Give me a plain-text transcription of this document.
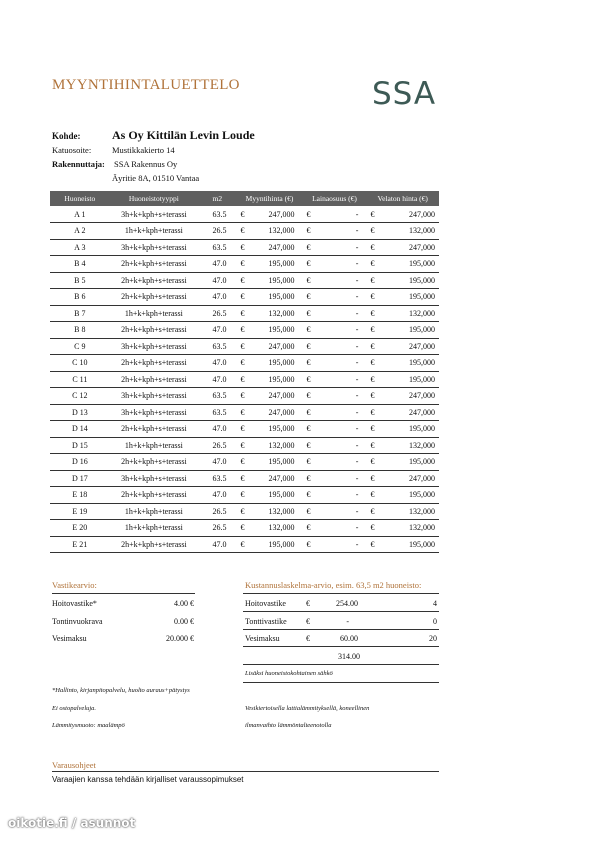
MYYNTIHINTALUETTELO	SSA
Kohde:	As Oy Kittilän Levin Loude
Katuosoite: Mustikkakierto 14
Rakennuttaja: SSA Rakennus Oy
Äyritie 8A, 01510 Vantaa
Huoneisto	Huoneistotyyppi	m2	Myyntihinta (€)		Lainaosuus (€)		Velaton hinta (€)	
A 1	3h+k+kph+s+terassi	63.5	€	247,000	€	-	€	247,000
A 2	1h+k+kph+terassi	26.5	€	132,000	€	-	€	132,000
A 3	3h+k+kph+s+terassi	63.5	€	247,000	€	-	€	247,000
B 4	2h+k+kph+s+terassi	47.0	€	195,000	€	-	€	195,000
B 5	2h+k+kph+s+terassi	47.0	€	195,000	€	-	€	195,000
B 6	2h+k+kph+s+terassi	47.0	€	195,000	€	-	€	195,000
B 7	1h+k+kph+terassi	26.5	€	132,000	€	-	€	132,000
B 8	2h+k+kph+s+terassi	47.0	€	195,000	€	-	€	195,000
C 9	3h+k+kph+s+terassi	63.5	€	247,000	€	-	€	247,000
C 10	2h+k+kph+s+terassi	47.0	€	195,000	€	-	€	195,000
C 11	2h+k+kph+s+terassi	47.0	€	195,000	€	-	€	195,000
C 12	3h+k+kph+s+terassi	63.5	€	247,000	€	-	€	247,000
D 13	3h+k+kph+s+terassi	63.5	€	247,000	€	-	€	247,000
D 14	2h+k+kph+s+terassi	47.0	€	195,000	€	-	€	195,000
D 15	1h+k+kph+terassi	26.5	€	132,000	€	-	€	132,000
D 16	2h+k+kph+s+terassi	47.0	€	195,000	€	-	€	195,000
D 17	3h+k+kph+s+terassi	63.5	€	247,000	€	-	€	247,000
E 18	2h+k+kph+s+terassi	47.0	€	195,000	€	-	€	195,000
E 19	1h+k+kph+terassi	26.5	€	132,000	€	-	€	132,000
E 20	1h+k+kph+terassi	26.5	€	132,000	€	-	€	132,000
E 21	2h+k+kph+s+terassi	47.0	€	195,000	€	-	€	195,000
Vastikearvio:
Hoitovastike*	4.00 €
Tontinvuokrava	0.00 €
Vesimaksu	20.000 €
*Hallinto, kirjanpitopalvelu, huolto auraus+pätystys
Ei ostopalveluja.
Lämmitysmuoto: maalämpö
Kustannuslaskelma-arvio, esim. 63,5 m2 huoneisto:
Hoitovastike	€	254.00	4
Tonttivastike €	-	0
Vesimaksu	€	60.00	20
314.00
Lisäksi huoneistokohtainen sähkö
Vesikiertoisella lattialämmityksellä, koneellinen
ilmanvaihto lämmöntalteenotolla
Varausohjeet
Varaajien kanssa tehdään kirjalliset varaussopimukset
oikotie.fi / asunnot
